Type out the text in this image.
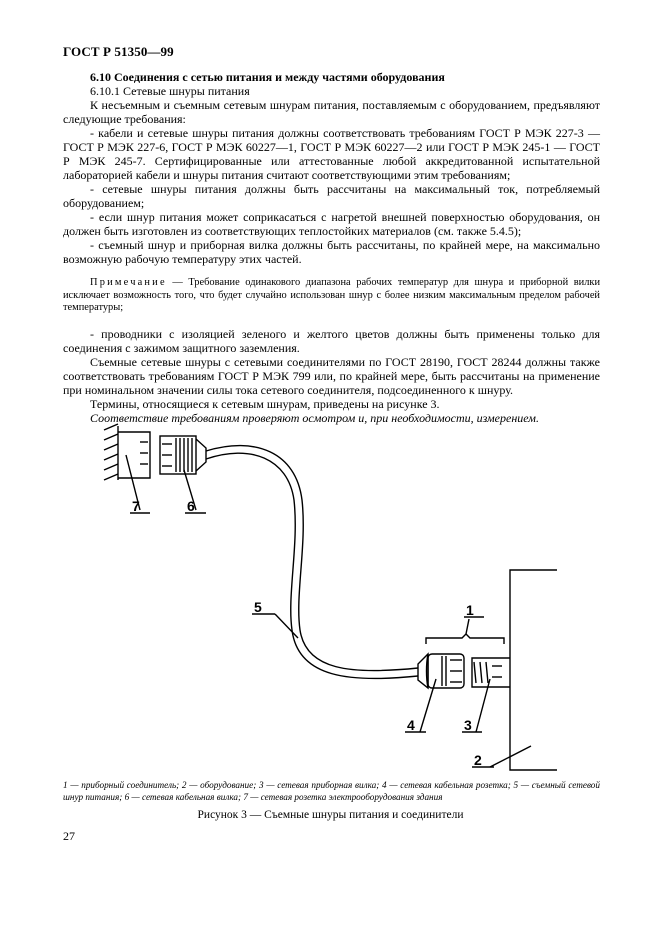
ГОСТ Р 51350—99

6.10 Соединения с сетью питания и между частями оборудования

6.10.1 Сетевые шнуры питания

К несъемным и съемным сетевым шнурам питания, поставляемым с оборудованием, предъявляют следующие требования:

- кабели и сетевые шнуры питания должны соответствовать требованиям ГОСТ Р МЭК 227-3 — ГОСТ Р МЭК 227-6, ГОСТ Р МЭК 60227—1, ГОСТ Р МЭК 60227—2 или ГОСТ Р МЭК 245-1 — ГОСТ Р МЭК 245-7. Сертифицированные или аттестованные любой аккредитованной испытательной лабораторией кабели и шнуры питания считают соответствующими этим требованиям;

- сетевые шнуры питания должны быть рассчитаны на максимальный ток, потребляемый оборудованием;

- если шнур питания может соприкасаться с нагретой внешней поверхностью оборудования, он должен быть изготовлен из соответствующих теплостойких материалов (см. также 5.4.5);

- съемный шнур и приборная вилка должны быть рассчитаны, по крайней мере, на максимально возможную рабочую температуру этих частей.

Примечание — Требование одинакового диапазона рабочих температур для шнура и приборной вилки исключает возможность того, что будет случайно использован шнур с более низким максимальным пределом рабочей температуры;

- проводники с изоляцией зеленого и желтого цветов должны быть применены только для соединения с зажимом защитного заземления.

Съемные сетевые шнуры с сетевыми соединителями по ГОСТ 28190, ГОСТ 28244 должны также соответствовать требованиям ГОСТ Р МЭК 799 или, по крайней мере, быть рассчитаны на применение при номинальном значении силы тока сетевого соединителя, подсоединенного к шнуру.

Термины, относящиеся к сетевым шнурам, приведены на рисунке 3.

Соответствие требованиям проверяют осмотром и, при необходимости, измерением.

1
2
3
4
5
6
7
1 — приборный соединитель; 2 — оборудование; 3 — сетевая приборная вилка; 4 — сетевая кабельная розетка; 5 — съемный сетевой шнур питания; 6 — сетевая кабельная вилка; 7 — сетевая розетка электрооборудования здания
Рисунок 3 — Съемные шнуры питания и соединители
27
